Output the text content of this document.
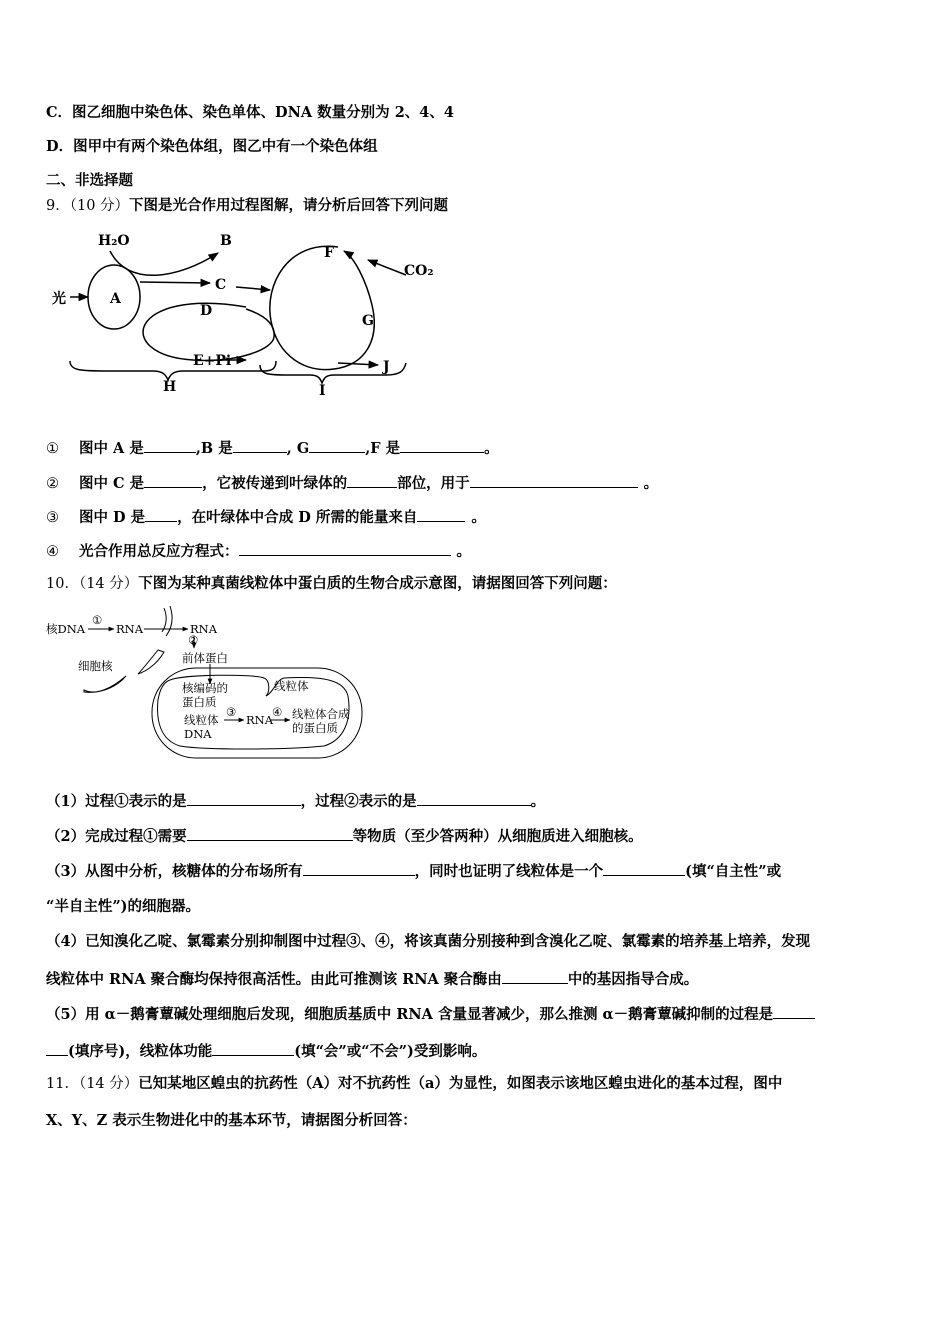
C．图乙细胞中染色体、染色单体、DNA 数量分别为 2、4、4
D．图甲中有两个染色体组，图乙中有一个染色体组
二、非选择题
9．（10 分）下图是光合作用过程图解，请分析后回答下列问题
H₂O	B
光	A
C
D
E+Pi
H
F
CO₂
G
J
I
① 图中 A 是	,B 是	, G	,F 是	。
② 图中 C 是	，它被传递到叶绿体的	部位，用于	。
③ 图中 D 是 ，在叶绿体中合成 D 所需的能量来自	。
④ 光合作用总反应方程式：	。
10．（14 分）下图为某种真菌线粒体中蛋白质的生物合成示意图，请据图回答下列问题：
核DNA
①
RNA	RNA
②
细胞核
前体蛋白
核编码的
蛋白质
线粒体
线粒体
DNA
③
RNA
④ 线粒体合成
的蛋白质
（1）过程①表示的是	，过程②表示的是	。
（2）完成过程①需要	等物质（至少答两种）从细胞质进入细胞核。
（3）从图中分析，核糖体的分布场所有	，同时也证明了线粒体是一个	(填“自主性”或
“半自主性”)的细胞器。
（4）已知溴化乙啶、氯霉素分别抑制图中过程③、④，将该真菌分别接种到含溴化乙啶、氯霉素的培养基上培养，发现
线粒体中 RNA 聚合酶均保持很高活性。由此可推测该 RNA 聚合酶由	中的基因指导合成。
（5）用 α－鹅膏蕈碱处理细胞后发现，细胞质基质中 RNA 含量显著减少，那么推测 α－鹅膏蕈碱抑制的过程是
(填序号)，线粒体功能	(填“会”或“不会”)受到影响。
11．（14 分）已知某地区蝗虫的抗药性（A）对不抗药性（a）为显性，如图表示该地区蝗虫进化的基本过程，图中
X、Y、Z 表示生物进化中的基本环节，请据图分析回答：
